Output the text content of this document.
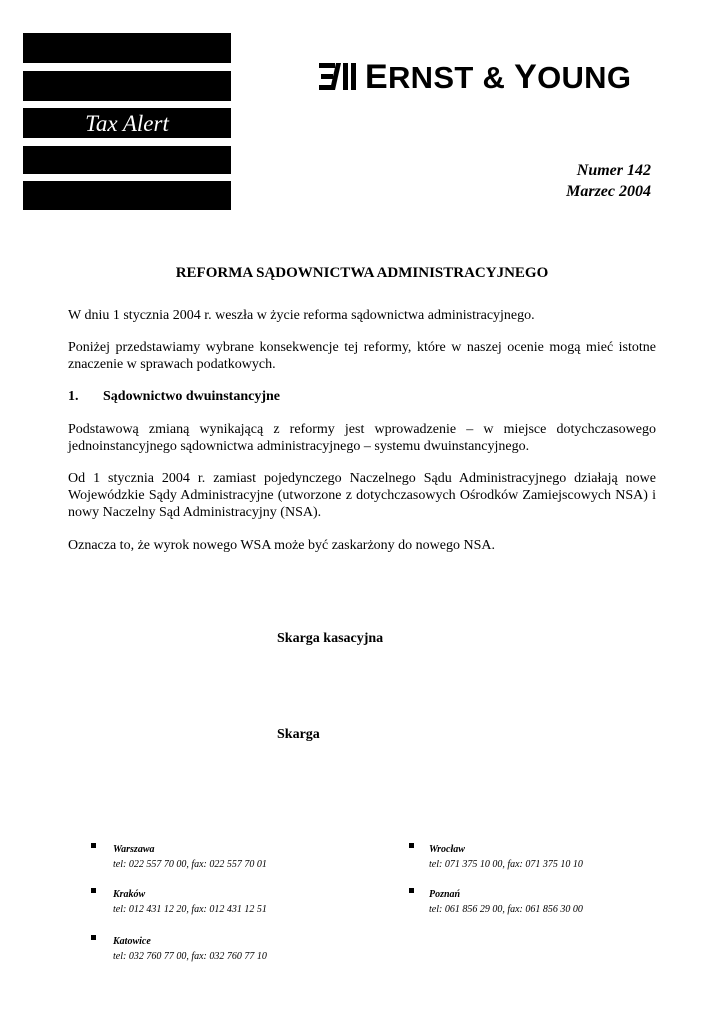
Tax Alert
ERNST & YOUNG
Numer 142
Marzec 2004
REFORMA SĄDOWNICTWA ADMINISTRACYJNEGO
W dniu 1 stycznia 2004 r. weszła w życie reforma sądownictwa administracyjnego.
Poniżej przedstawiamy wybrane konsekwencje tej reformy, które w naszej ocenie mogą mieć istotne znaczenie w sprawach podatkowych.
1. Sądownictwo dwuinstancyjne
Podstawową zmianą wynikającą z reformy jest wprowadzenie – w miejsce dotychczasowego jednoinstancyjnego sądownictwa administracyjnego – systemu dwuinstancyjnego.
Od 1 stycznia 2004 r. zamiast pojedynczego Naczelnego Sądu Administracyjnego działają nowe Wojewódzkie Sądy Administracyjne (utworzone z dotychczasowych Ośrodków Zamiejscowych NSA) i nowy Naczelny Sąd Administracyjny (NSA).
Oznacza to, że wyrok nowego WSA może być zaskarżony do nowego NSA.
Skarga kasacyjna
Skarga
Warszawa
tel: 022 557 70 00, fax: 022 557 70 01
Kraków
tel: 012 431 12 20, fax: 012 431 12 51
Katowice
tel: 032 760 77 00, fax: 032 760 77 10
Wrocław
tel: 071 375 10 00, fax: 071 375 10 10
Poznań
tel: 061 856 29 00, fax: 061 856 30 00
